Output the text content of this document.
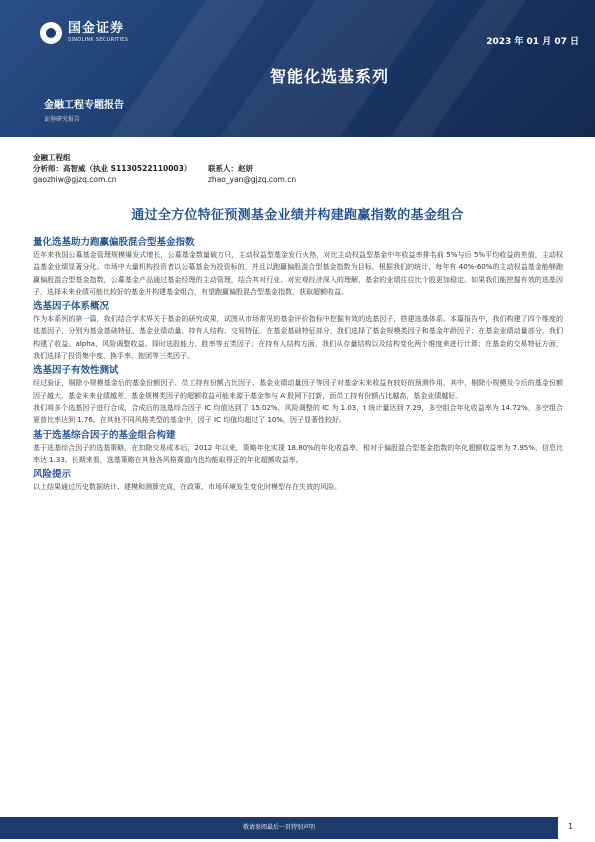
国金证券
SINOLINK SECURITIES	2023 年 01 月 07 日
智能化选基系列
金融工程专题报告
证券研究报告
金融工程组
分析师：高智威（执业 S1130522110003）	联系人：赵妍
gaozhiw@gjzq.com.cn	zhao_yan@gjzq.com.cn
通过全方位特征预测基金业绩并构建跑赢指数的基金组合
量化选基助力跑赢偏股混合型基金指数

近年来我国公募基金管理规模爆发式增长，公募基金数量破万只，主动权益型基金发行火热，对比主动权益型基金中年收益率排名前 5%与后 5%平均收益的差值，主动权益基金业绩显著分化。市场中大量机构投资者以公募基金为投资标的，并且以跑赢偏股混合型基金指数为目标，根据我们的统计，每年有 40%-60%的主动权益基金能够跑赢偏股混合型基金指数，公募基金产品通过基金经理的主动管理，结合其对行业、对宏观经济深入的理解，基金的业绩往往比个股更加稳定。如果我们能挖掘有效的选基因子，选择未来业绩可能比较好的基金并构建基金组合，有望跑赢偏股混合型基金指数，获取超额收益。

选基因子体系概况

作为本系列的第一篇，我们结合学术界关于基金的研究成果，试图从市场常见的基金评价指标中挖掘有效的选基因子，搭建选基体系。本篇报告中，我们构建了四个维度的选基因子，分别为基金基础特征、基金业绩动量、持有人结构、交易特征。在基金基础特征部分，我们选择了基金规模类因子和基金年龄因子；在基金业绩动量部分，我们构建了收益、alpha、风险调整收益、择时选股能力、胜率等五类因子；在持有人结构方面，我们从存量结构以及结构变化两个维度来进行计算；在基金的交易特征方面，我们选择了投资集中度、换手率、抱团等三类因子。

选基因子有效性测试

经过验证，剔除小规模基金后的基金份额因子、员工持有份额占比因子、基金业绩动量因子等因子对基金未来收益有较好的预测作用。其中，剔除小规模及今后的基金份额因子越大，基金未来业绩越差，基金规模类因子的超额收益可能来源于基金参与 A 股网下打新，而员工持有份额占比越高，基金业绩越好。

我们将多个选基因子进行合成，合成后的选基综合因子 IC 均值达到了 15.02%，风险调整的 IC 为 1.03，t 统计量达到 7.29，多空组合年化收益率为 14.72%，多空组合夏普比率达到 1.76。在其他不同风格类型的基金中，因子 IC 均值均超过了 10%，因子显著性较好。

基于选基综合因子的基金组合构建

基于选基综合因子的选基策略，在扣除交易成本后，2012 年以来，策略年化实现 18.80%的年化收益率，相对于偏股混合型基金指数的年化超额收益率为 7.95%，信息比率达 1.33。长期来看，选基策略在其他各风格赛道内也均能取得正的年化超额收益率。

风险提示

以上结果通过历史数据统计、建模和测算完成，在政策、市场环境发生变化时模型存在失效的风险。

敬请参阅最后一页特别声明	1
